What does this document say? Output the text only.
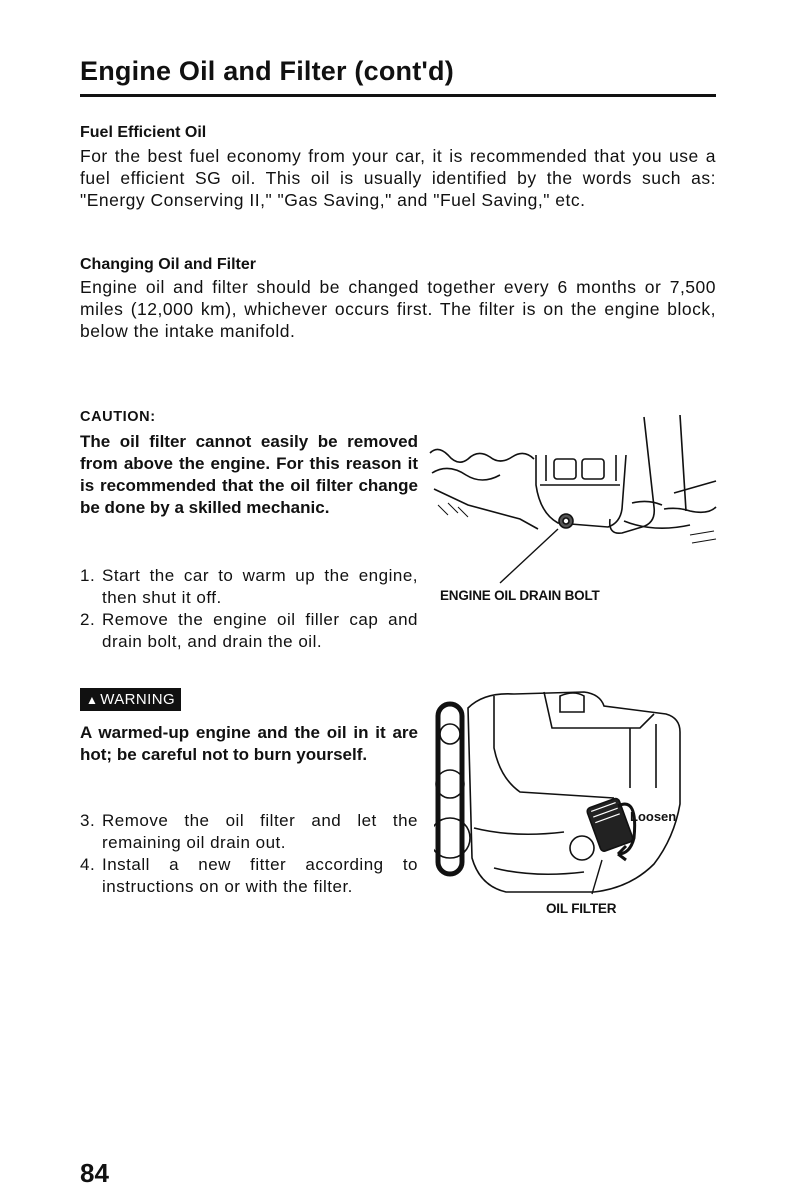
Engine Oil and Filter (cont'd)
Fuel Efficient Oil
For the best fuel economy from your car, it is recommended that you use a fuel efficient SG oil. This oil is usually identified by the words such as: "Energy Conserving II," "Gas Saving," and "Fuel Saving," etc.
Changing Oil and Filter
Engine oil and filter should be changed together every 6 months or 7,500 miles (12,000 km), whichever occurs first. The filter is on the engine block, below the intake manifold.
CAUTION:
The oil filter cannot easily be removed from above the engine. For this reason it is recommended that the oil filter change be done by a skilled mechanic.
1. Start the car to warm up the engine, then shut it off.
2. Remove the engine oil filler cap and drain bolt, and drain the oil.
▲ WARNING
A warmed-up engine and the oil in it are hot; be careful not to burn yourself.
3. Remove the oil filter and let the remaining oil drain out.
4. Install a new fitter according to instructions on or with the filter.
ENGINE OIL DRAIN BOLT
Loosen
OIL FILTER
84
